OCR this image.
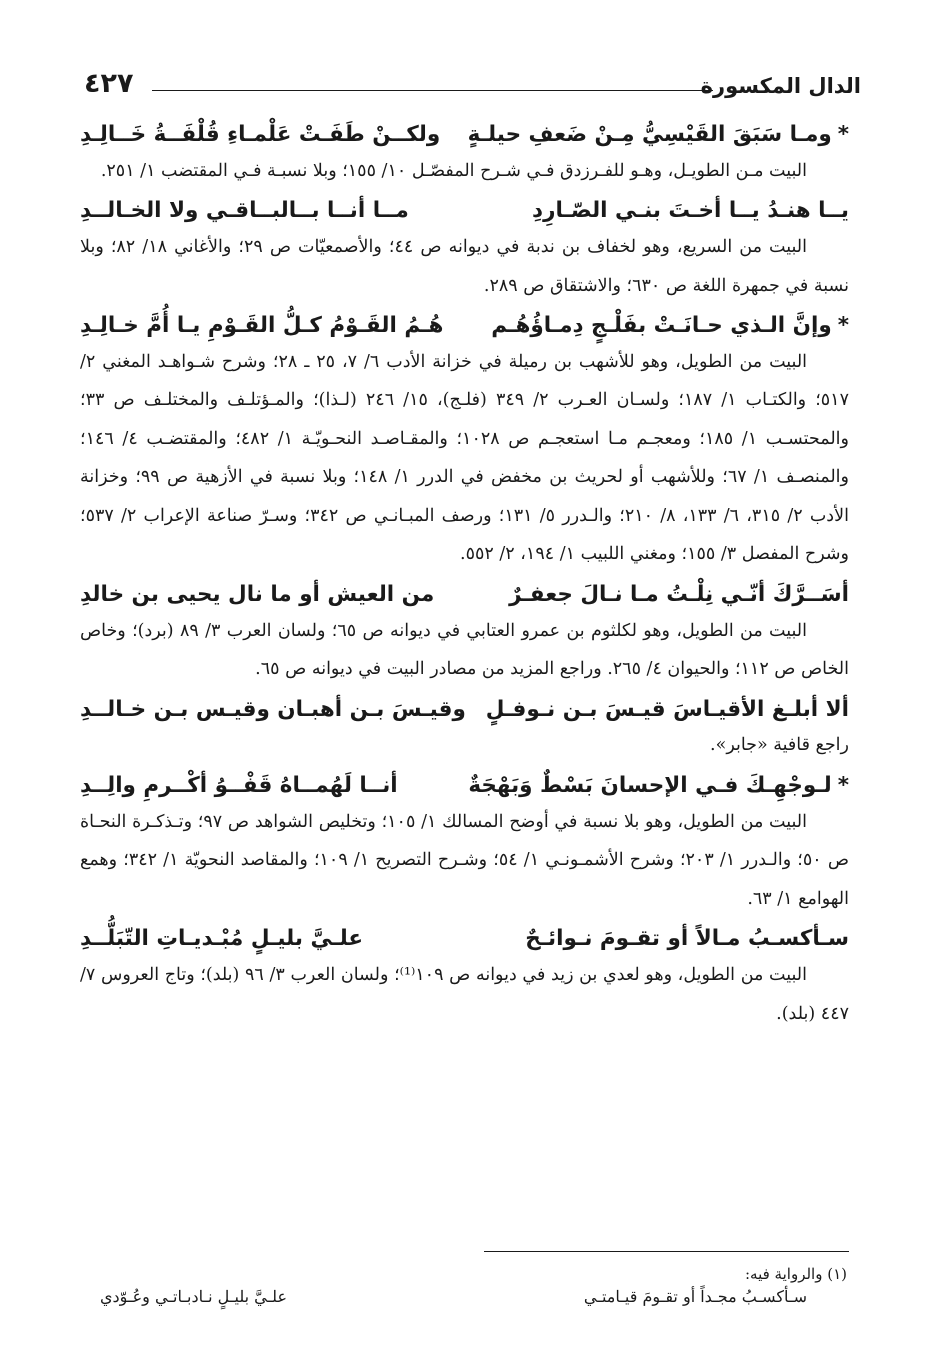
الدال المكسورة
٤٢٧
*ومـا سَبَقَ القَيْسِيُّ مِـنْ ضَعفِ حيلـةٍ
ولكــنْ طَفَـتْ عَلْمـاءِ قُلْفَــةُ خَــالِـدِ

البيت مـن الطويـل، وهـو للفـرزدق فـي شـرح المفصّـل ١٠/ ١٥٥؛ وبلا نسبـة فـي المقتضب ١/ ٢٥١.

يــا هنـدُ يــا أخـتَ بنـي الصّـارِدِ
مــا أنــا بــالبــاقـي ولا الخـالــدِ

البيت من السريع، وهو لخفاف بن ندبة في ديوانه ص ٤٤؛ والأصمعيّات ص ٢٩؛ والأغاني ١٨/ ٨٢؛ وبلا نسبة في جمهرة اللغة ص ٦٣٠؛ والاشتقاق ص ٢٨٩.

*وإنَّ الـذي حـانَـتْ بفَلْـجٍ دِمـاؤُهُـم
هُـمُ القَـوْمُ كـلُّ القَـوْمِ يـا أُمَّ خـالِـدِ

البيت من الطويل، وهو للأشهب بن رميلة في خزانة الأدب ٦/ ٧، ٢٥ ـ ٢٨؛ وشرح شـواهـد المغني ٢/ ٥١٧؛ والكتـاب ١/ ١٨٧؛ ولسـان العـرب ٢/ ٣٤٩ (فلـج)، ١٥/ ٢٤٦ (لـذا)؛ والمـؤتلـف والمختلـف ص ٣٣؛ والمحتسـب ١/ ١٨٥؛ ومعجـم مـا استعجـم ص ١٠٢٨؛ والمقـاصـد النحـويّـة ١/ ٤٨٢؛ والمقتضـب ٤/ ١٤٦؛ والمنصـف ١/ ٦٧؛ وللأشهب أو لحريث بن مخفض في الدرر ١/ ١٤٨؛ وبلا نسبة في الأزهية ص ٩٩؛ وخزانة الأدب ٢/ ٣١٥، ٦/ ١٣٣، ٨/ ٢١٠؛ والـدرر ٥/ ١٣١؛ ورصف المبـانـي ص ٣٤٢؛ وسـرّ صناعة الإعراب ٢/ ٥٣٧؛ وشرح المفصل ٣/ ١٥٥؛ ومغني اللبيب ١/ ١٩٤، ٢/ ٥٥٢.

أسَــرَّكَ أنّـي نِلْـتُ مـا نـالَ جعفـرٌ
من العيش أو ما نال يحيى بن خالدِ

البيت من الطويل، وهو لكلثوم بن عمرو العتابي في ديوانه ص ٦٥؛ ولسان العرب ٣/ ٨٩ (برد)؛ وخاص الخاص ص ١١٢؛ والحيوان ٤/ ٢٦٥. وراجع المزيد من مصادر البيت في ديوانه ص ٦٥.

ألا أبلـغ الأقيـاسَ قيـسَ بـن نـوفـلٍ
وقيـسَ بـن أهبـان وقيـس بـن خـالــدِ

راجع قافية «جابر».

*لـوجْهِـكَ فـي الإحسانَ بَسْطٌ وَبَهْجَةٌ
أنــا لَهُمــاهُ قَفْــوُ أكْــرمِ والِــدِ

البيت من الطويل، وهو بلا نسبة في أوضح المسالك ١/ ١٠٥؛ وتخليص الشواهد ص ٩٧؛ وتـذكـرة النحـاة ص ٥٠؛ والـدرر ١/ ٢٠٣؛ وشرح الأشمـونـي ١/ ٥٤؛ وشـرح التصريح ١/ ١٠٩؛ والمقاصد النحويّة ١/ ٣٤٢؛ وهمع الهوامع ١/ ٦٣.

سـأكسـبُ مـالاً أو تقـومَ نـوائـحٌ
علـيَّ بليـلٍ مُبْـديـاتِ التّبَلُّــدِ

البيت من الطويل، وهو لعدي بن زيد في ديوانه ص ١٠٩⁽¹⁾؛ ولسان العرب ٣/ ٩٦ (بلد)؛ وتاج العروس ٧/ ٤٤٧ (بلد).

(١) والرواية فيه:
سـأكسـبُ مجـداً أو تقـومَ قيـامتـي
علـيَّ بليـلٍ نـادبـاتـي وعُـوّدي
